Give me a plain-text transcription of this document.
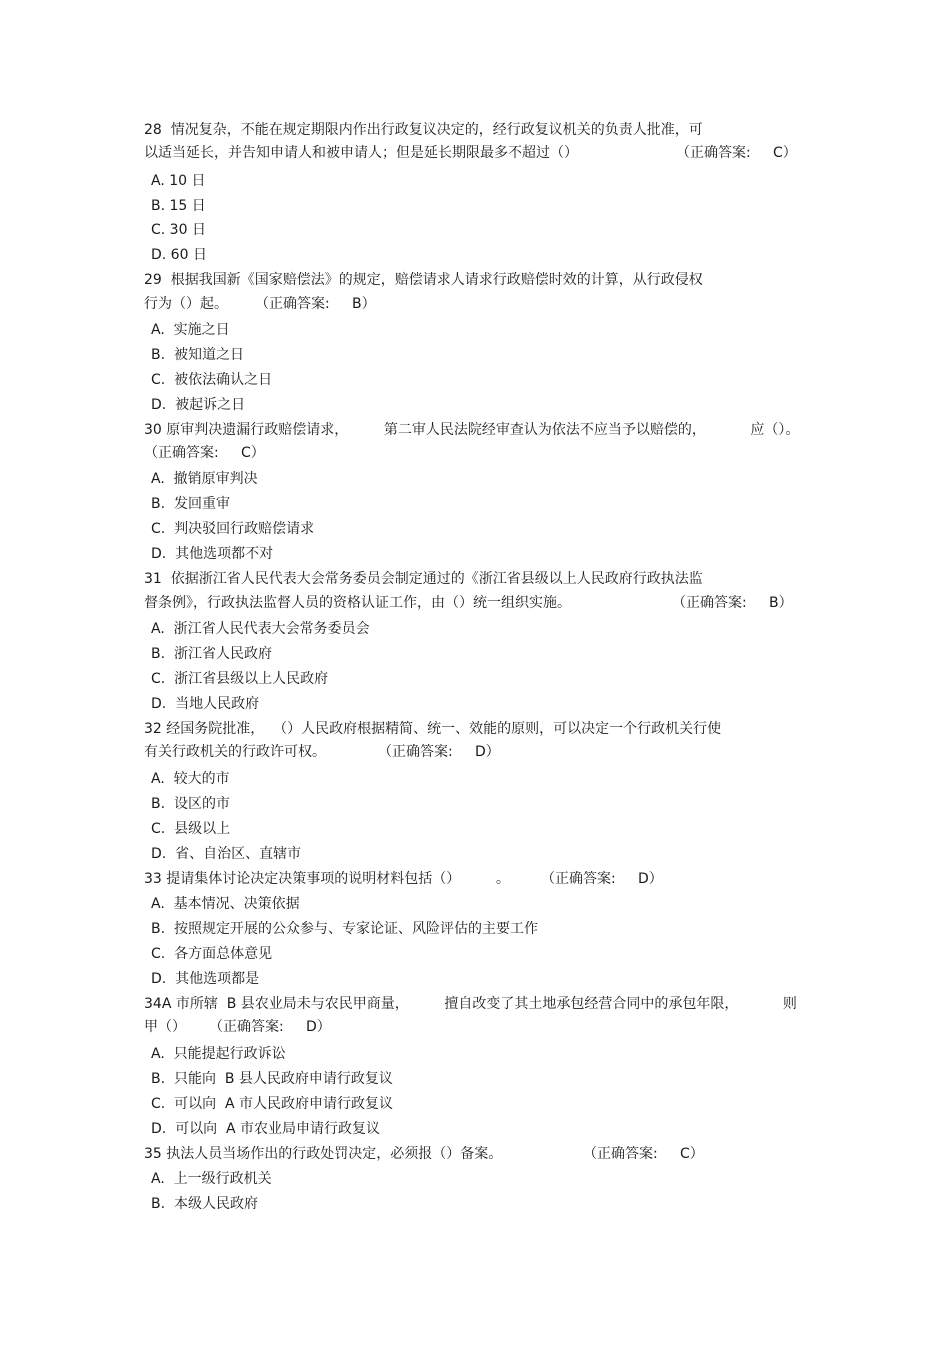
28  情况复杂，不能在规定期限内作出行政复议决定的，经行政复议机关的负责人批准，可
以适当延长，并告知申请人和被申请人；但是延长期限最多不超过（）	（正确答案:     C）
A. 10 日
B. 15 日
C. 30 日
D. 60 日
29  根据我国新《国家赔偿法》的规定，赔偿请求人请求行政赔偿时效的计算，从行政侵权
行为（）起。 （正确答案:     B）
A.  实施之日
B.  被知道之日
C.  被依法确认之日
D.  被起诉之日
30 原审判决遗漏行政赔偿请求，        第二审人民法院经审查认为依法不应当予以赔偿的，          应（）。
（正确答案:     C）
A.  撤销原审判决
B.  发回重审
C.  判决驳回行政赔偿请求
D.  其他选项都不对
31  依据浙江省人民代表大会常务委员会制定通过的《浙江省县级以上人民政府行政执法监
督条例》，行政执法监督人员的资格认证工作，由（）统一组织实施。	（正确答案:     B）
A.  浙江省人民代表大会常务委员会
B.  浙江省人民政府
C.  浙江省县级以上人民政府
D.  当地人民政府
32 经国务院批准，  （）人民政府根据精简、统一、效能的原则，可以决定一个行政机关行使
有关行政机关的行政许可权。	（正确答案:     D）
A.  较大的市
B.  设区的市
C.  县级以上
D.  省、自治区、直辖市
33 提请集体讨论决定决策事项的说明材料包括（）        。 （正确答案:     D）
A.  基本情况、决策依据
B.  按照规定开展的公众参与、专家论证、风险评估的主要工作
C.  各方面总体意见
D.  其他选项都是
34A 市所辖  B 县农业局未与农民甲商量，        擅自改变了其土地承包经营合同中的承包年限，          则
甲（） （正确答案:     D）
A.  只能提起行政诉讼
B.  只能向  B 县人民政府申请行政复议
C.  可以向  A 市人民政府申请行政复议
D.  可以向  A 市农业局申请行政复议
35 执法人员当场作出的行政处罚决定，必须报（）备案。	（正确答案:     C）
A.  上一级行政机关
B.  本级人民政府
